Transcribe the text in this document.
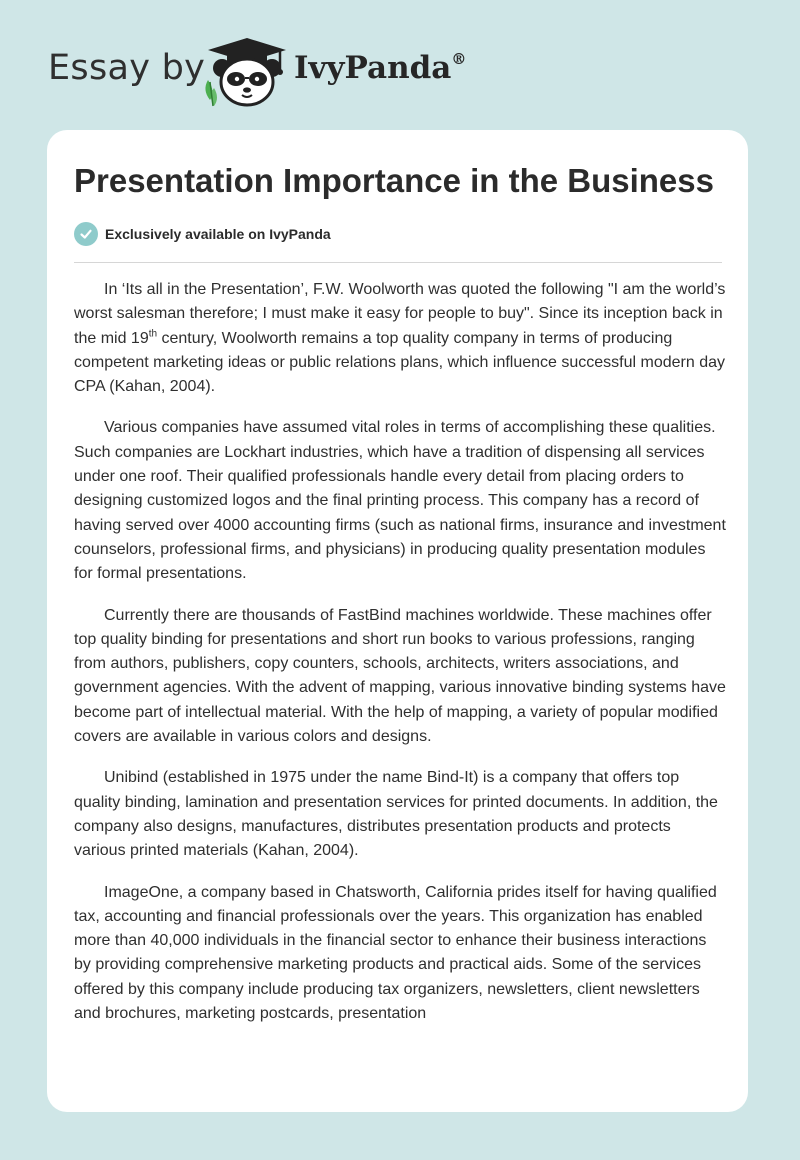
Essay by	IvyPanda®
Presentation Importance in the Business
Exclusively available on IvyPanda

In ‘Its all in the Presentation’, F.W. Woolworth was quoted the following "I am the world’s worst salesman therefore; I must make it easy for people to buy". Since its inception back in the mid 19th century, Woolworth remains a top quality company in terms of producing competent marketing ideas or public relations plans, which influence successful modern day CPA (Kahan, 2004).

Various companies have assumed vital roles in terms of accomplishing these qualities. Such companies are Lockhart industries, which have a tradition of dispensing all services under one roof. Their qualified professionals handle every detail from placing orders to designing customized logos and the final printing process. This company has a record of having served over 4000 accounting firms (such as national firms, insurance and investment counselors, professional firms, and physicians) in producing quality presentation modules for formal presentations.

Currently there are thousands of FastBind machines worldwide. These machines offer top quality binding for presentations and short run books to various professions, ranging from authors, publishers, copy counters, schools, architects, writers associations, and government agencies. With the advent of mapping, various innovative binding systems have become part of intellectual material. With the help of mapping, a variety of popular modified covers are available in various colors and designs.

Unibind (established in 1975 under the name Bind-It) is a company that offers top quality binding, lamination and presentation services for printed documents. In addition, the company also designs, manufactures, distributes presentation products and protects various printed materials (Kahan, 2004).

ImageOne, a company based in Chatsworth, California prides itself for having qualified tax, accounting and financial professionals over the years. This organization has enabled more than 40,000 individuals in the financial sector to enhance their business interactions by providing comprehensive marketing products and practical aids. Some of the services offered by this company include producing tax organizers, newsletters, client newsletters and brochures, marketing postcards, presentation
